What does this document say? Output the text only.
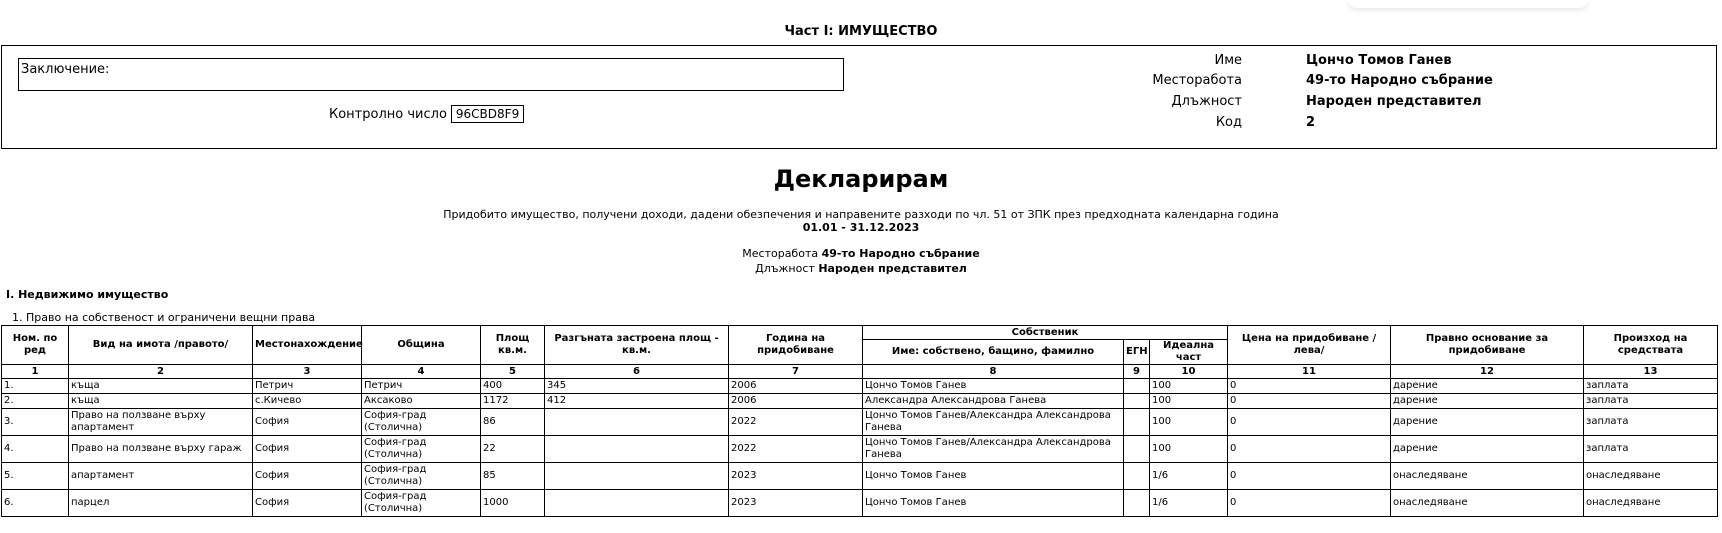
Част I: ИМУЩЕСТВО
Заключение:
Контролно число 96CBD8F9
Име	Цончо Томов Ганев
Месторабота	49-то Народно събрание
Длъжност	Народен представител
Код	2
Декларирам
Придобито имущество, получени доходи, дадени обезпечения и направените разходи по чл. 51 от ЗПК през предходната календарна година
01.01 - 31.12.2023
Месторабота 49-то Народно събрание
Длъжност Народен представител
I. Недвижимо имущество
1. Право на собственост и ограничени вещни права
Ном. по ред	Вид на имота /правото/	Местонахождение	Община	Площ кв.м.	Разгъната застроена площ - кв.м.	Година на придобиване	Собственик			Цена на придобиване / лева/	Правно основание за придобиване	Произход на средствата
							Име: собствено, бащино, фамилно	ЕГН	Идеална част			
1	2	3	4	5	6	7	8	9	10	11	12	13
1.	къща	Петрич	Петрич	400	345	2006	Цончо Томов Ганев		100	0	дарение	заплата
2.	къща	с.Кичево	Аксаково	1172	412	2006	Александра Александрова Ганева		100	0	дарение	заплата
3.	Право на ползване върху апартамент	София	София-град (Столична)	86		2022	Цончо Томов Ганев/Александра Александрова Ганева		100	0	дарение	заплата
4.	Право на ползване върху гараж	София	София-град (Столична)	22		2022	Цончо Томов Ганев/Александра Александрова Ганева		100	0	дарение	заплата
5.	апартамент	София	София-град (Столична)	85		2023	Цончо Томов Ганев		1/6	0	онаследяване	онаследяване
6.	парцел	София	София-град (Столична)	1000		2023	Цончо Томов Ганев		1/6	0	онаследяване	онаследяване
